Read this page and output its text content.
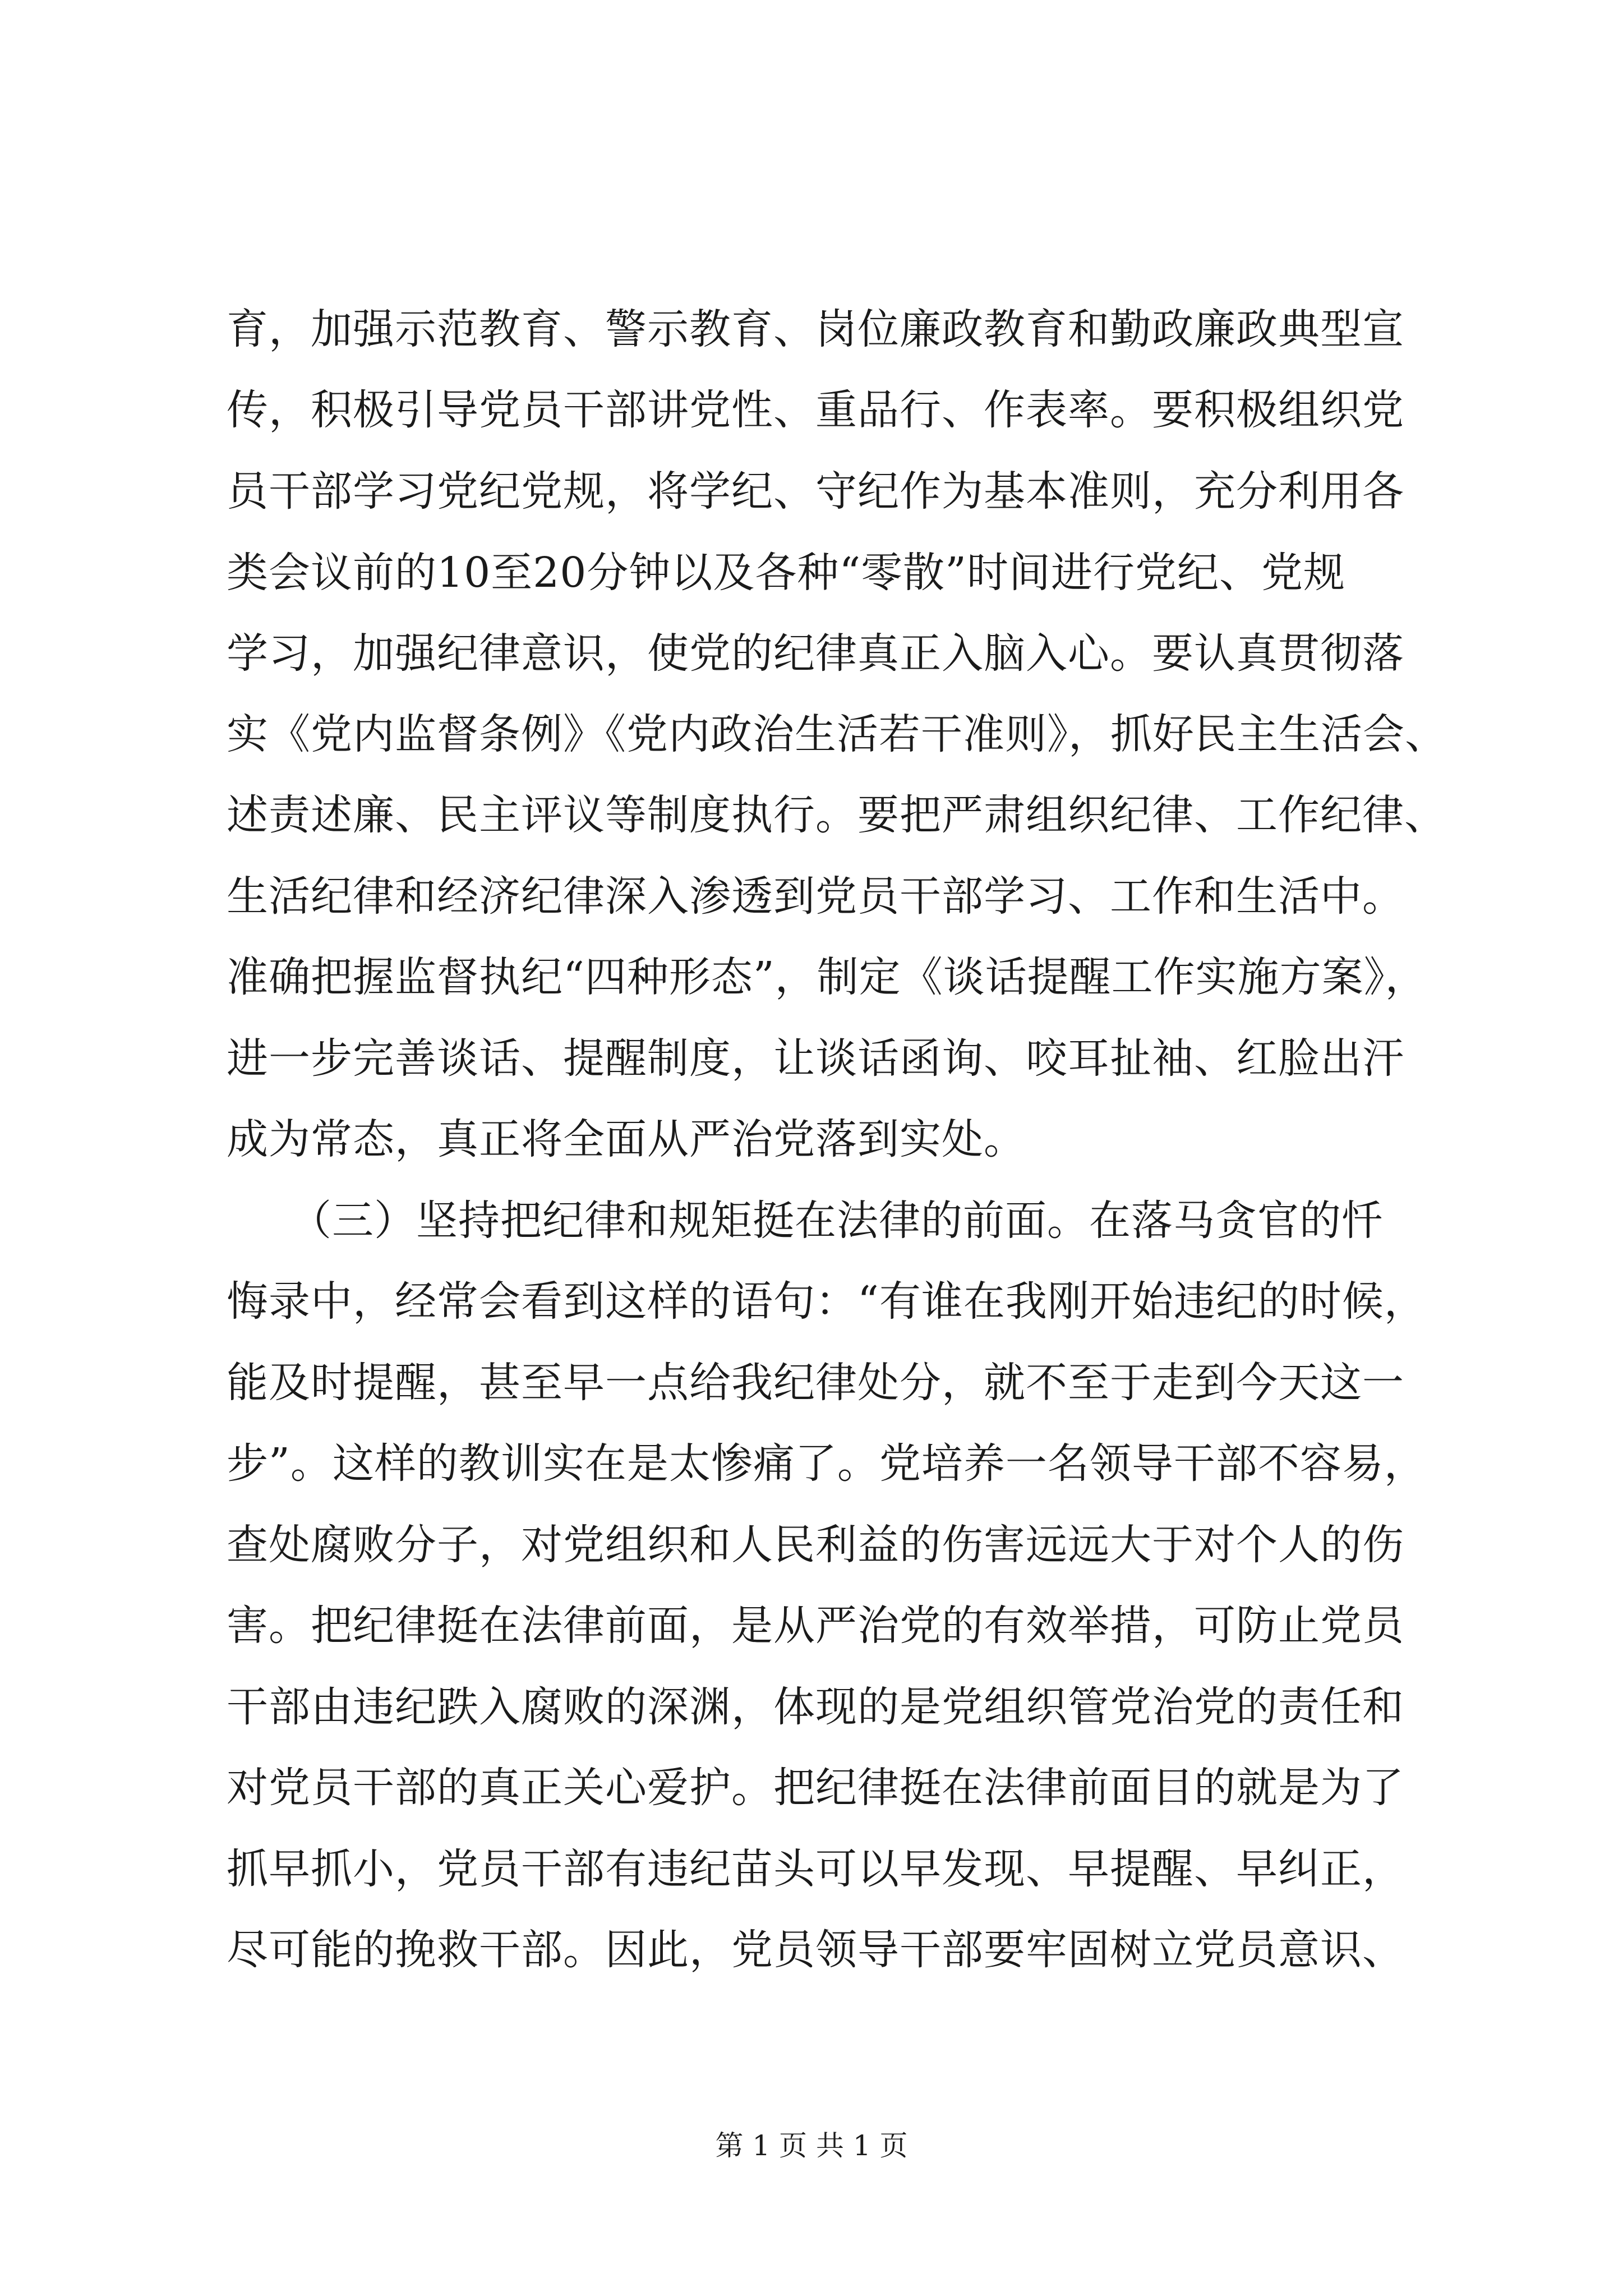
育，加强示范教育、警示教育、岗位廉政教育和勤政廉政典型宣
传，积极引导党员干部讲党性、重品行、作表率。要积极组织党
员干部学习党纪党规，将学纪、守纪作为基本准则，充分利用各
类会议前的10至20分钟以及各种“零散”时间进行党纪、党规
学习，加强纪律意识，使党的纪律真正入脑入心。要认真贯彻落
实《党内监督条例》《党内政治生活若干准则》，抓好民主生活会、
述责述廉、民主评议等制度执行。要把严肃组织纪律、工作纪律、
生活纪律和经济纪律深入渗透到党员干部学习、工作和生活中。
准确把握监督执纪“四种形态”，制定《谈话提醒工作实施方案》，
进一步完善谈话、提醒制度，让谈话函询、咬耳扯袖、红脸出汗
成为常态，真正将全面从严治党落到实处。
　　（三）坚持把纪律和规矩挺在法律的前面。在落马贪官的忏
悔录中，经常会看到这样的语句：“有谁在我刚开始违纪的时候，
能及时提醒，甚至早一点给我纪律处分，就不至于走到今天这一
步”。这样的教训实在是太惨痛了。党培养一名领导干部不容易，
查处腐败分子，对党组织和人民利益的伤害远远大于对个人的伤
害。把纪律挺在法律前面，是从严治党的有效举措，可防止党员
干部由违纪跌入腐败的深渊，体现的是党组织管党治党的责任和
对党员干部的真正关心爱护。把纪律挺在法律前面目的就是为了
抓早抓小，党员干部有违纪苗头可以早发现、早提醒、早纠正，
尽可能的挽救干部。因此，党员领导干部要牢固树立党员意识、
第 1 页 共 1 页
